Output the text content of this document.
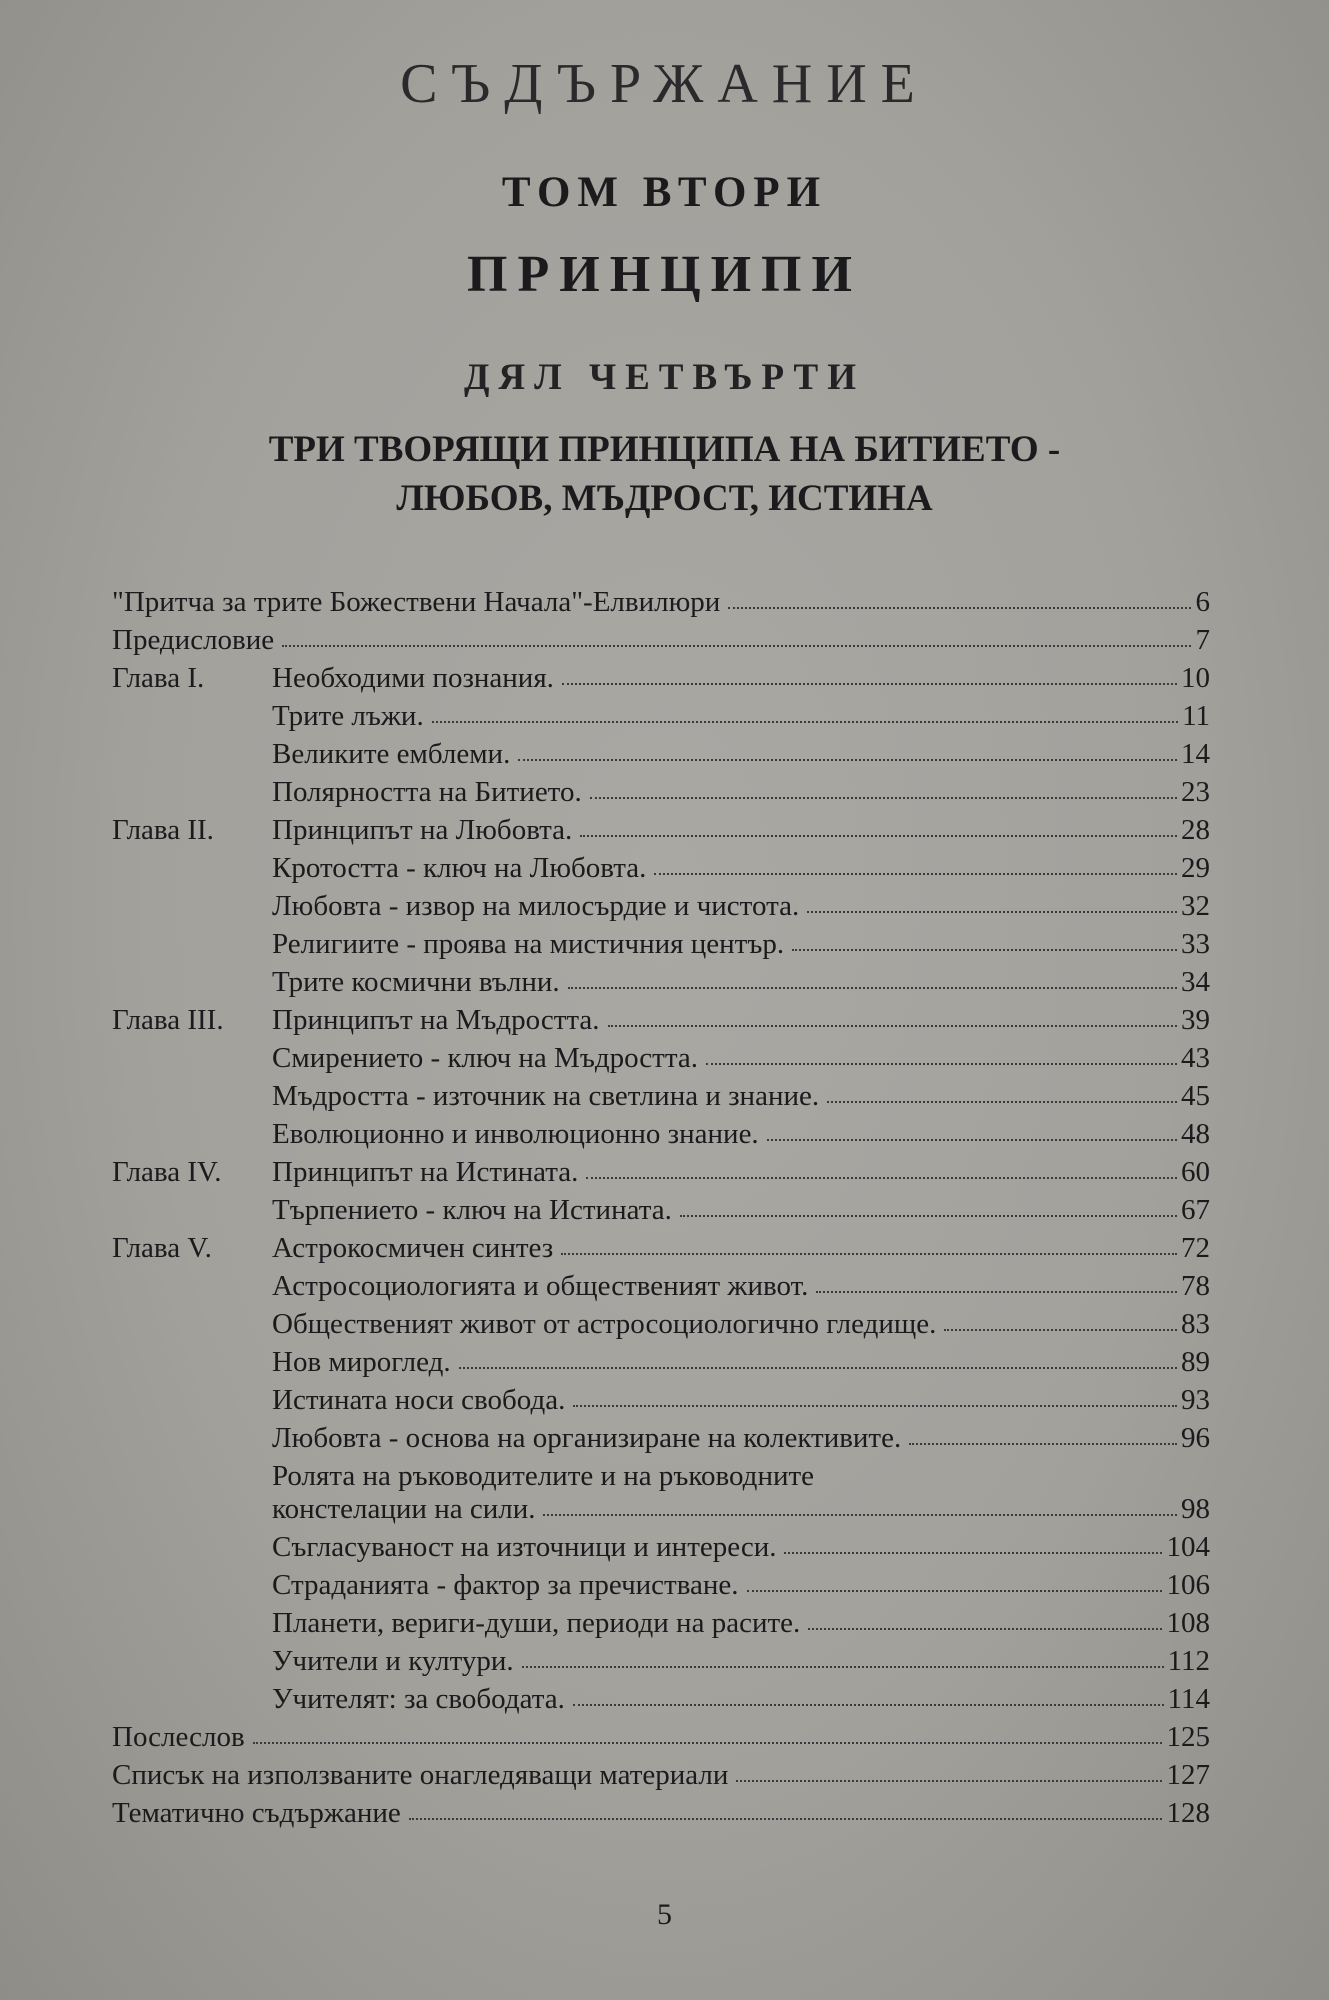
СЪДЪРЖАНИЕ
ТОМ ВТОРИ
ПРИНЦИПИ
ДЯЛ ЧЕТВЪРТИ
ТРИ ТВОРЯЩИ ПРИНЦИПА НА БИТИЕТО -
ЛЮБОВ, МЪДРОСТ, ИСТИНА
"Притча за трите Божествени Начала"-Елвилюри	6
Предисловие	7
Глава I. Необходими познания.	10
Трите лъжи.	11
Великите емблеми.	14
Полярността на Битието.	23
Глава II. Принципът на Любовта.	28
Кротостта - ключ на Любовта.	29
Любовта - извор на милосърдие и чистота.	32
Религиите - проява на мистичния център.	33
Трите космични вълни.	34
Глава III. Принципът на Мъдростта.	39
Смирението - ключ на Мъдростта.	43
Мъдростта - източник на светлина и знание.	45
Еволюционно и инволюционно знание.	48
Глава IV. Принципът на Истината.	60
Търпението - ключ на Истината.	67
Глава V. Астрокосмичен синтез	72
Астросоциологията и общественият живот.	78
Общественият живот от астросоциологично гледище.	83
Нов мироглед.	89
Истината носи свобода.	93
Любовта - основа на организиране на колективите.	96
Ролята на ръководителите и на ръководните
констелации на сили.	98
Съгласуваност на източници и интереси.	104
Страданията - фактор за пречистване.	106
Планети, вериги-души, периоди на расите.	108
Учители и култури.	112
Учителят: за свободата.	114
Послеслов	125
Списък на използваните онагледяващи материали	127
Тематично съдържание	128
5
